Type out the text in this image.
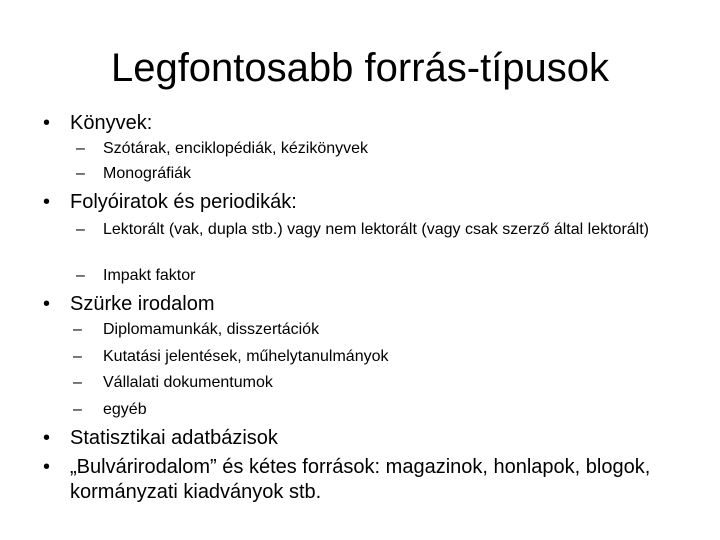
Legfontosabb forrás-típusok
• Könyvek:
– Szótárak, enciklopédiák, kézikönyvek
– Monográfiák
• Folyóiratok és periodikák:
– Lektorált (vak, dupla stb.) vagy nem lektorált (vagy csak szerző által lektorált)
– Impakt faktor
• Szürke irodalom
– Diplomamunkák, disszertációk
– Kutatási jelentések, műhelytanulmányok
– Vállalati dokumentumok
– egyéb
• Statisztikai adatbázisok
• „Bulvárirodalom” és kétes források: magazinok, honlapok, blogok, kormányzati kiadványok stb.
